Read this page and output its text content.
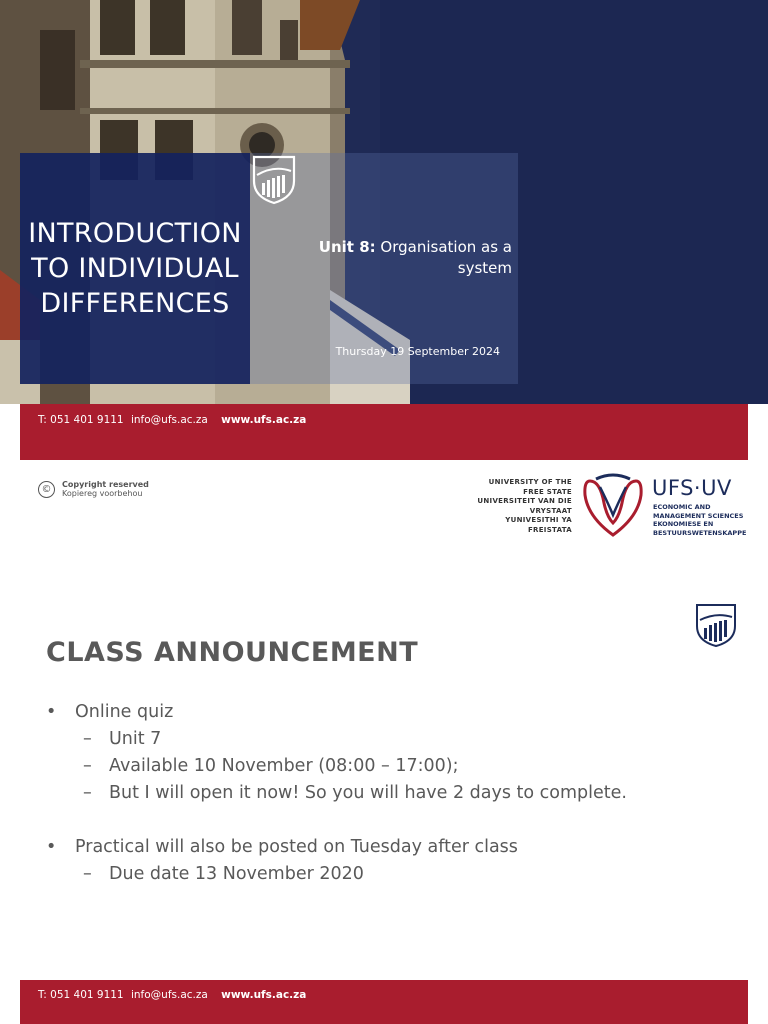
INTRODUCTION
TO INDIVIDUAL
DIFFERENCES
Unit 8: Organisation as a system
Thursday 19 September 2024
T: 051 401 9111 info@ufs.ac.za www.ufs.ac.za
©	Copyright reserved
Kopiereg voorbehou
UNIVERSITY OF THE
FREE STATE
UNIVERSITEIT VAN DIE
VRYSTAAT
YUNIVESITHI YA
FREISTATA
UFS·UV
ECONOMIC AND
MANAGEMENT SCIENCES
EKONOMIESE EN
BESTUURSWETENSKAPPE
CLASS ANNOUNCEMENT
• Online quiz
– Unit 7
– Available 10 November (08:00 – 17:00);
– But I will open it now! So you will have 2 days to complete.
• Practical will also be posted on Tuesday after class
– Due date 13 November 2020
T: 051 401 9111 info@ufs.ac.za www.ufs.ac.za
